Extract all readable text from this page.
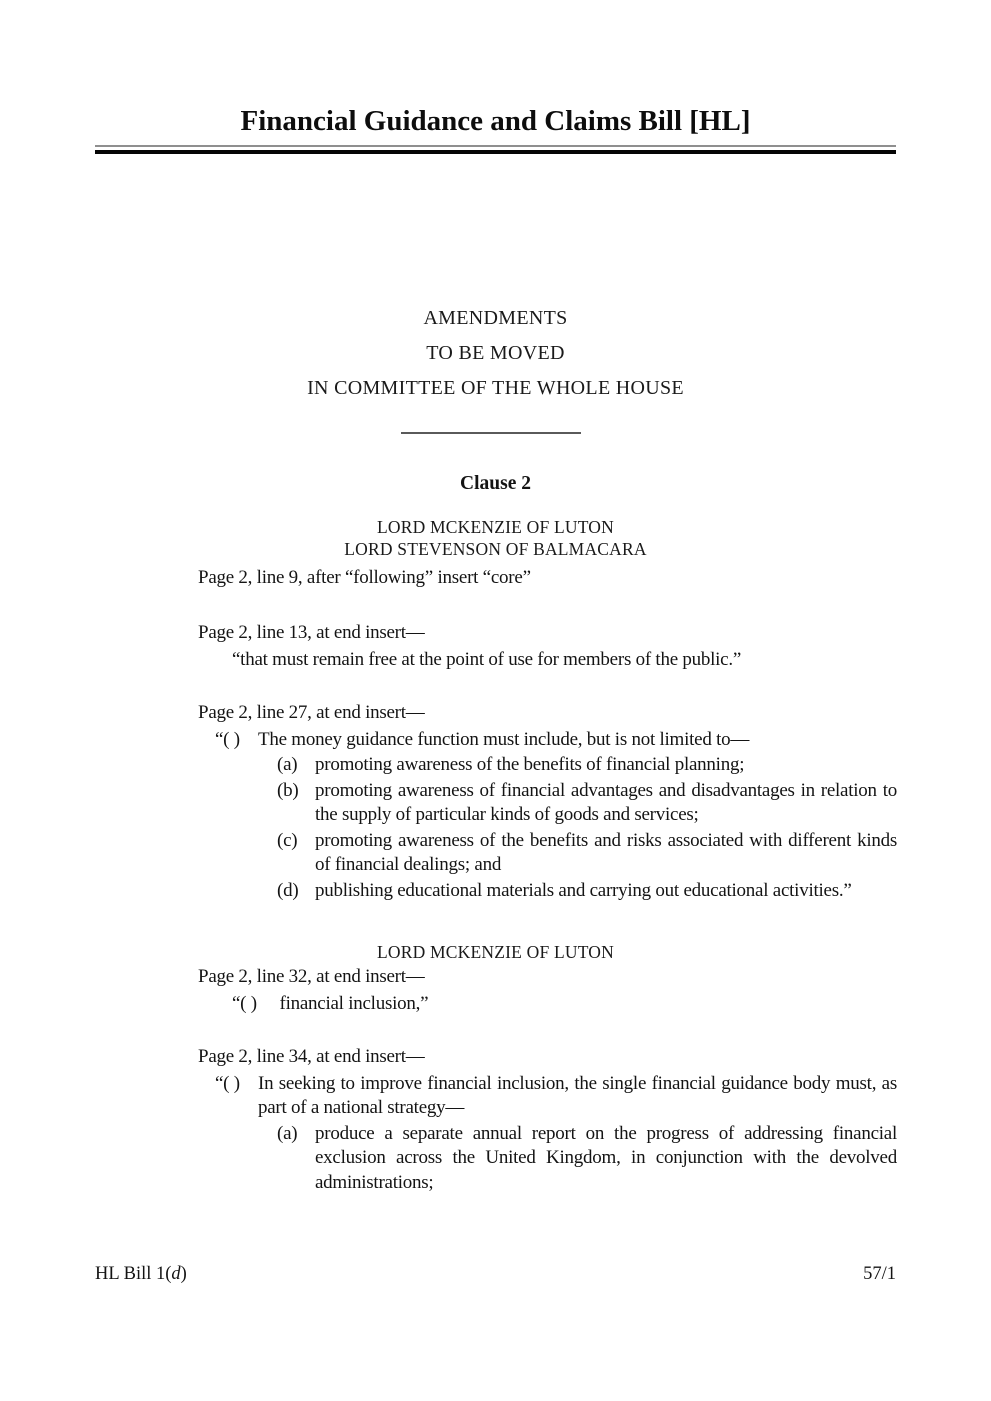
Financial Guidance and Claims Bill [HL]
AMENDMENTS
TO BE MOVED
IN COMMITTEE OF THE WHOLE HOUSE
Clause 2
LORD MCKENZIE OF LUTON
LORD STEVENSON OF BALMACARA

Page 2, line 9, after “following” insert “core”

Page 2, line 13, at end insert—

“that must remain free at the point of use for members of the public.”

Page 2, line 27, at end insert—

“( ) The money guidance function must include, but is not limited to—

(a) promoting awareness of the benefits of financial planning;

(b) promoting awareness of financial advantages and disadvantages in relation to the supply of particular kinds of goods and services;

(c) promoting awareness of the benefits and risks associated with different kinds of financial dealings; and

(d) publishing educational materials and carrying out educational activities.”

LORD MCKENZIE OF LUTON

Page 2, line 32, at end insert—

“( ) financial inclusion,”

Page 2, line 34, at end insert—

“( ) In seeking to improve financial inclusion, the single financial guidance body must, as part of a national strategy—

(a) produce a separate annual report on the progress of addressing financial exclusion across the United Kingdom, in conjunction with the devolved administrations;

HL Bill 1(d)	57/1
